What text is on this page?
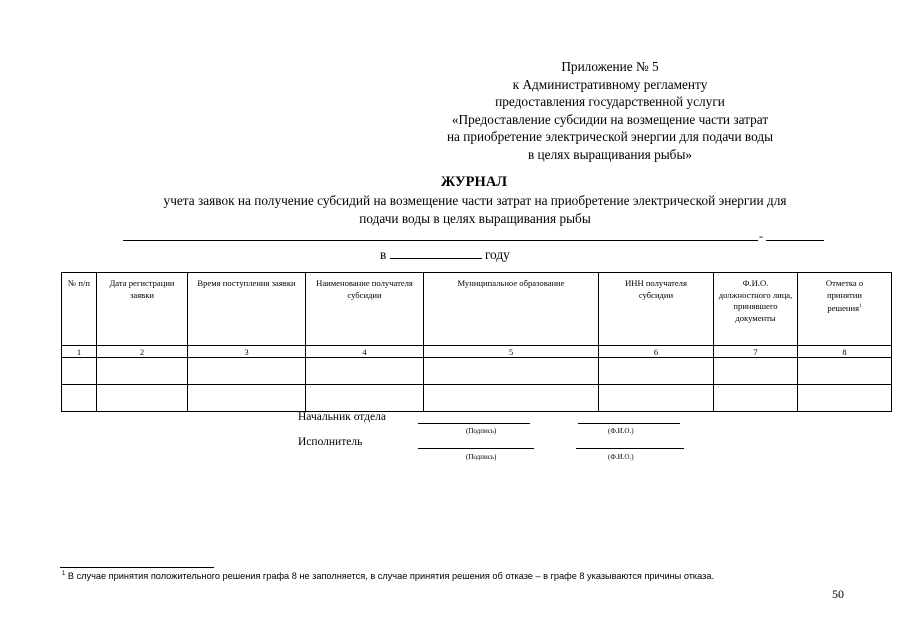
Приложение № 5
к Административному регламенту
предоставления государственной услуги
«Предоставление субсидии на возмещение части затрат
на приобретение электрической энергии для подачи воды
в целях выращивания рыбы»
ЖУРНАЛ
учета заявок на получение субсидий на возмещение части затрат на приобретение электрической энергии для
подачи воды в целях выращивания рыбы
-
в	году
№ п/п	Дата регистрации заявки	Время поступления заявки	Наименование получателя субсидии	Муниципальное образование	ИНН получателя субсидии	Ф.И.О. должностного лица, принявшего документы	Отметка о принятии решения$^1$
1	2	3	4	5	6	7	8

Начальник отдела
(Подпись)	(Ф.И.О.)
Исполнитель
(Подпись)	(Ф.И.О.)
$^1$ В случае принятия положительного решения графа 8 не заполняется, в случае принятия решения об отказе – в графе 8 указываются причины отказа.
50
